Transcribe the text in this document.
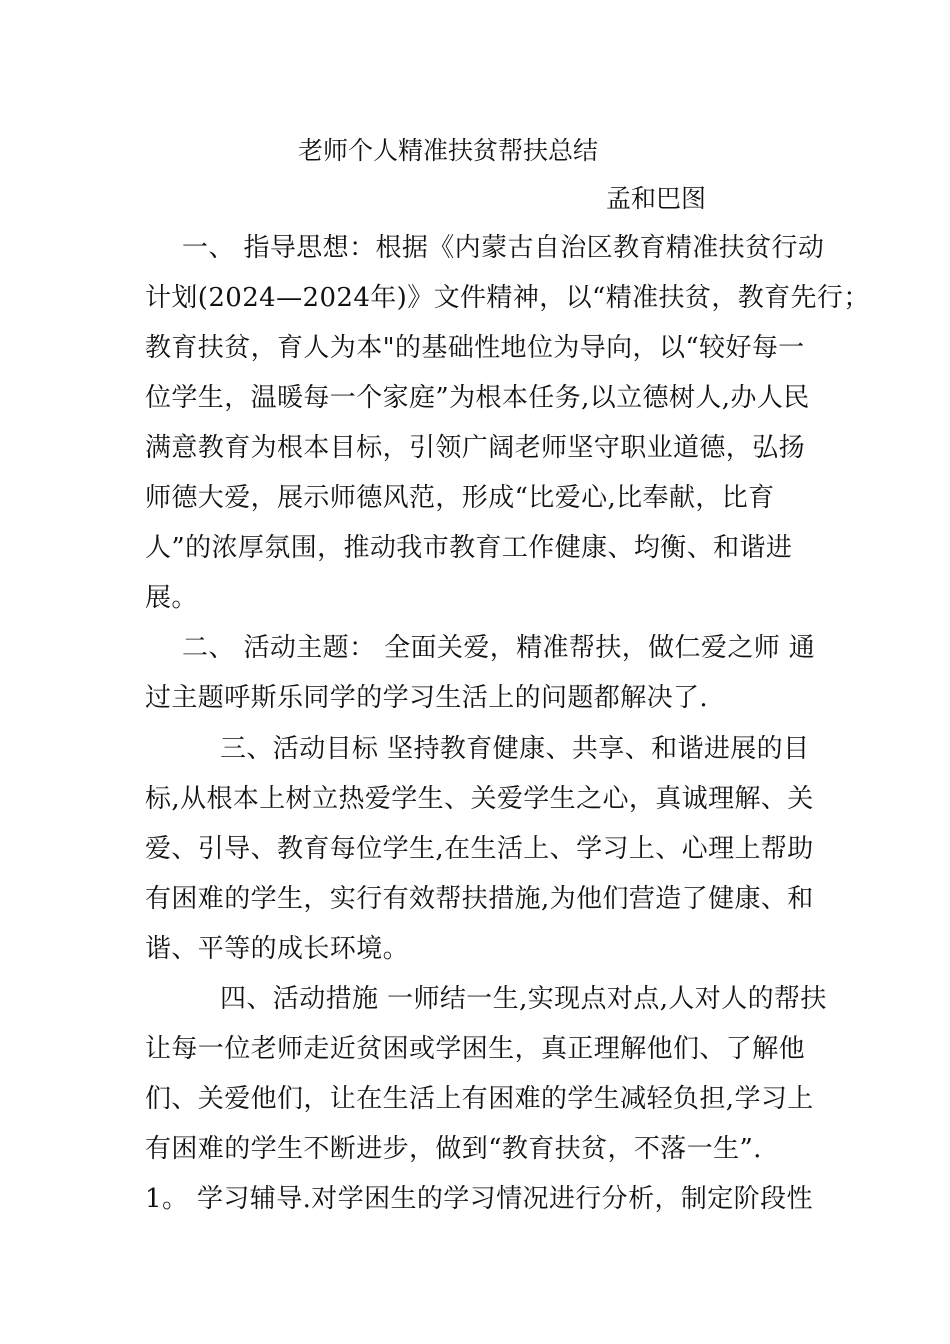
老师个人精准扶贫帮扶总结
孟和巴图
一、 指导思想：根据《内蒙古自治区教育精准扶贫行动
计划(2024—2024年)》文件精神，以“精准扶贫，教育先行；
教育扶贫，育人为本"的基础性地位为导向，以“较好每一
位学生，温暖每一个家庭”为根本任务,以立德树人,办人民
满意教育为根本目标，引领广阔老师坚守职业道德，弘扬
师德大爱，展示师德风范，形成“比爱心,比奉献，比育
人”的浓厚氛围，推动我市教育工作健康、均衡、和谐进
展。
二、 活动主题： 全面关爱，精准帮扶，做仁爱之师 通
过主题呼斯乐同学的学习生活上的问题都解决了.
三、活动目标 坚持教育健康、共享、和谐进展的目
标,从根本上树立热爱学生、关爱学生之心，真诚理解、关
爱、引导、教育每位学生,在生活上、学习上、心理上帮助
有困难的学生，实行有效帮扶措施,为他们营造了健康、和
谐、平等的成长环境。
四、活动措施 一师结一生,实现点对点,人对人的帮扶
让每一位老师走近贫困或学困生，真正理解他们、了解他
们、关爱他们，让在生活上有困难的学生减轻负担,学习上
有困难的学生不断进步，做到“教育扶贫，不落一生”.
1。 学习辅导.对学困生的学习情况进行分析，制定阶段性
